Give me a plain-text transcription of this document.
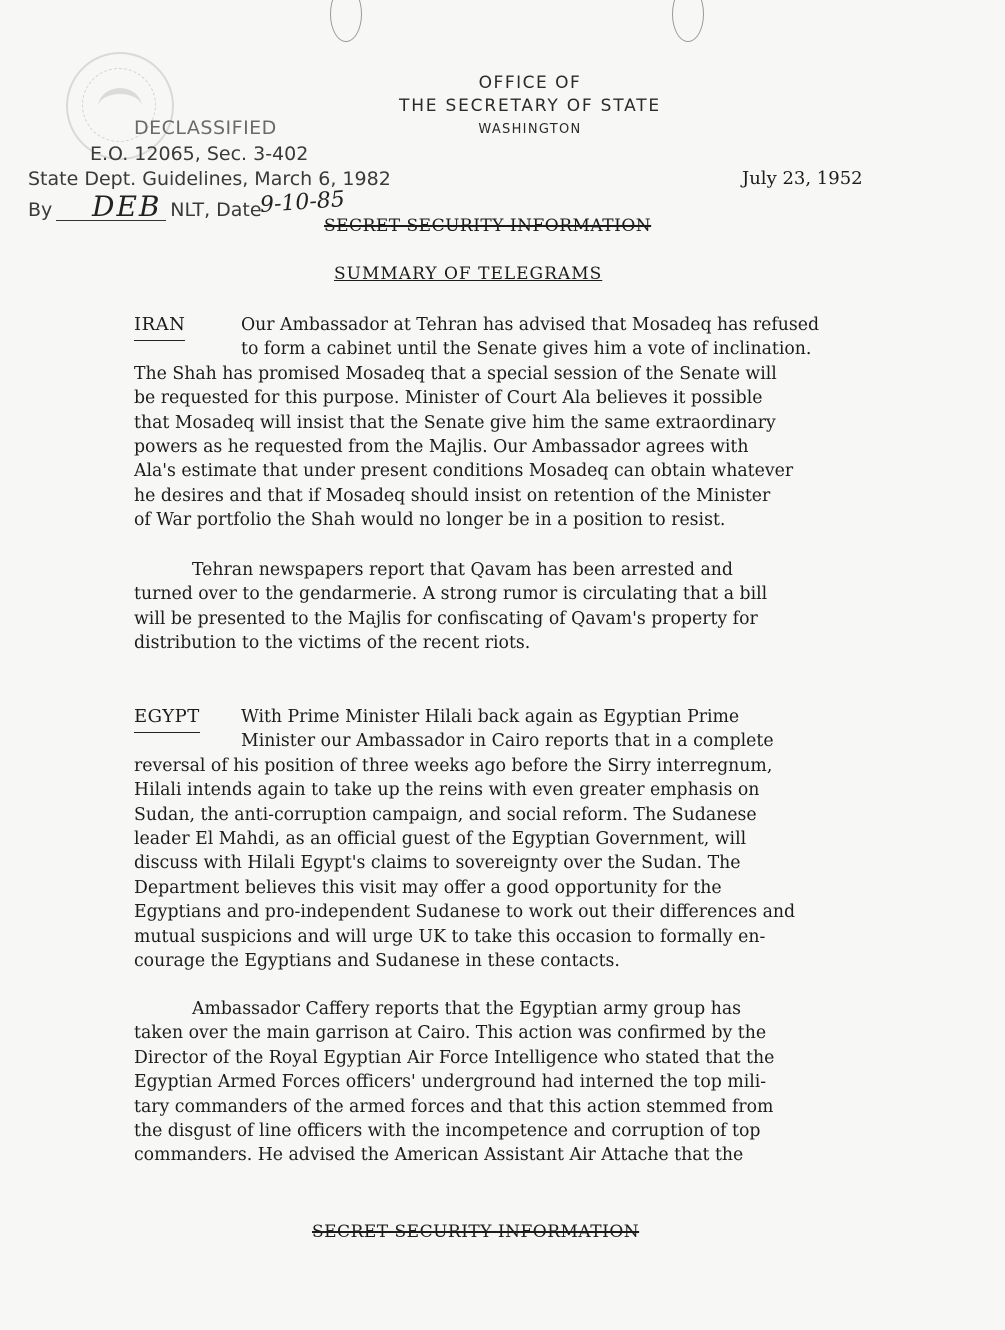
OFFICE OF
THE SECRETARY OF STATE
WASHINGTON
DECLASSIFIED
E.O. 12065, Sec. 3-402
State Dept. Guidelines, March 6, 1982
By	NLT, Date
DEB	9-10-85
July 23, 1952
SECRET SECURITY INFORMATION
SUMMARY OF TELEGRAMS
IRAN	Our Ambassador at Tehran has advised that Mosadeq has refused
to form a cabinet until the Senate gives him a vote of inclination.
The Shah has promised Mosadeq that a special session of the Senate will
be requested for this purpose. Minister of Court Ala believes it possible
that Mosadeq will insist that the Senate give him the same extraordinary
powers as he requested from the Majlis. Our Ambassador agrees with
Ala's estimate that under present conditions Mosadeq can obtain whatever
he desires and that if Mosadeq should insist on retention of the Minister
of War portfolio the Shah would no longer be in a position to resist.

Tehran newspapers report that Qavam has been arrested and
turned over to the gendarmerie. A strong rumor is circulating that a bill
will be presented to the Majlis for confiscating of Qavam's property for
distribution to the victims of the recent riots.

EGYPT	With Prime Minister Hilali back again as Egyptian Prime
Minister our Ambassador in Cairo reports that in a complete
reversal of his position of three weeks ago before the Sirry interregnum,
Hilali intends again to take up the reins with even greater emphasis on
Sudan, the anti-corruption campaign, and social reform. The Sudanese
leader El Mahdi, as an official guest of the Egyptian Government, will
discuss with Hilali Egypt's claims to sovereignty over the Sudan. The
Department believes this visit may offer a good opportunity for the
Egyptians and pro-independent Sudanese to work out their differences and
mutual suspicions and will urge UK to take this occasion to formally en-
courage the Egyptians and Sudanese in these contacts.

Ambassador Caffery reports that the Egyptian army group has
taken over the main garrison at Cairo. This action was confirmed by the
Director of the Royal Egyptian Air Force Intelligence who stated that the
Egyptian Armed Forces officers' underground had interned the top mili-
tary commanders of the armed forces and that this action stemmed from
the disgust of line officers with the incompetence and corruption of top
commanders. He advised the American Assistant Air Attache that the

SECRET SECURITY INFORMATION
